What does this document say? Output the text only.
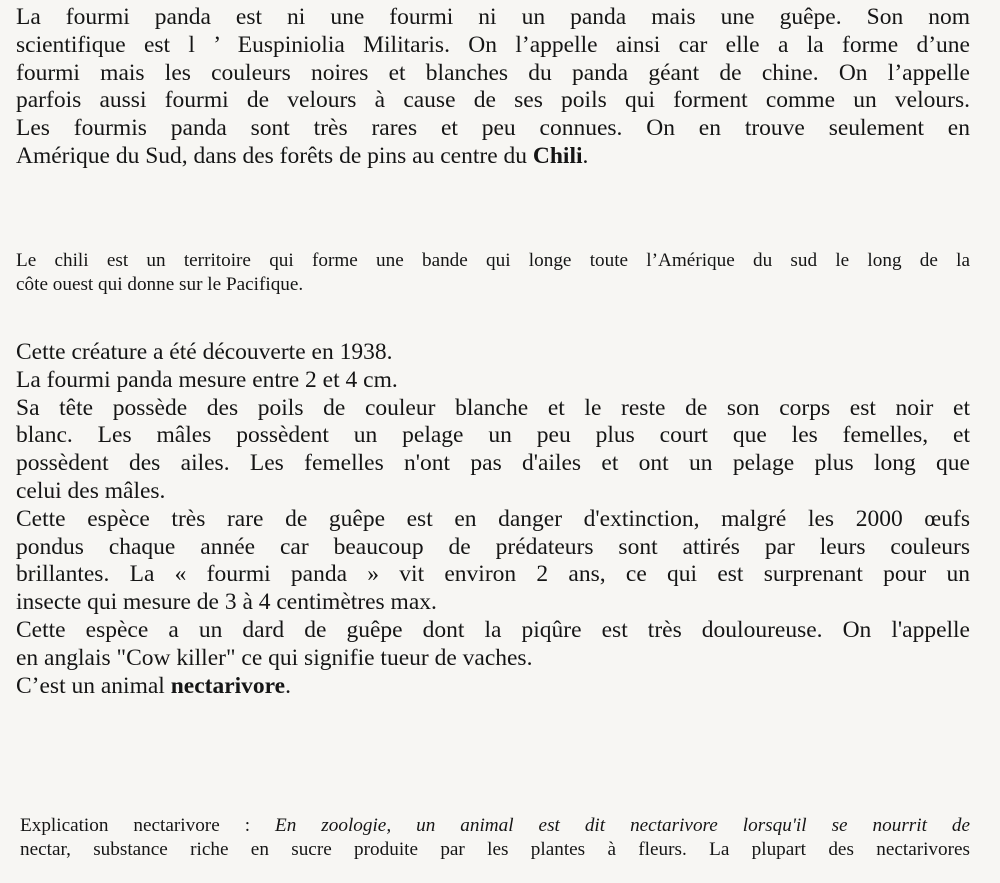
La fourmi panda est ni une fourmi ni un panda mais une guêpe. Son nom
scientifique est l ’ Euspiniolia Militaris. On l’appelle ainsi car elle a la forme d’une
fourmi mais les couleurs noires et blanches du panda géant de chine. On l’appelle
parfois aussi fourmi de velours à cause de ses poils qui forment comme un velours.
Les fourmis panda sont très rares et peu connues. On en trouve seulement en
Amérique du Sud, dans des forêts de pins au centre du Chili.
Le chili est un territoire qui forme une bande qui longe toute l’Amérique du sud le long de la
côte ouest qui donne sur le Pacifique.
Cette créature a été découverte en 1938.
La fourmi panda mesure entre 2 et 4 cm.
Sa tête possède des poils de couleur blanche et le reste de son corps est noir et
blanc. Les mâles possèdent un pelage un peu plus court que les femelles, et
possèdent des ailes. Les femelles n'ont pas d'ailes et ont un pelage plus long que
celui des mâles.
Cette espèce très rare de guêpe est en danger d'extinction, malgré les 2000 œufs
pondus chaque année car beaucoup de prédateurs sont attirés par leurs couleurs
brillantes. La « fourmi panda » vit environ 2 ans, ce qui est surprenant pour un
insecte qui mesure de 3 à 4 centimètres max.
Cette espèce a un dard de guêpe dont la piqûre est très douloureuse. On l'appelle
en anglais "Cow killer" ce qui signifie tueur de vaches.
C’est un animal nectarivore.
Explication nectarivore : En zoologie, un animal est dit nectarivore lorsqu'il se nourrit de
nectar, substance riche en sucre produite par les plantes à fleurs. La plupart des nectarivores
